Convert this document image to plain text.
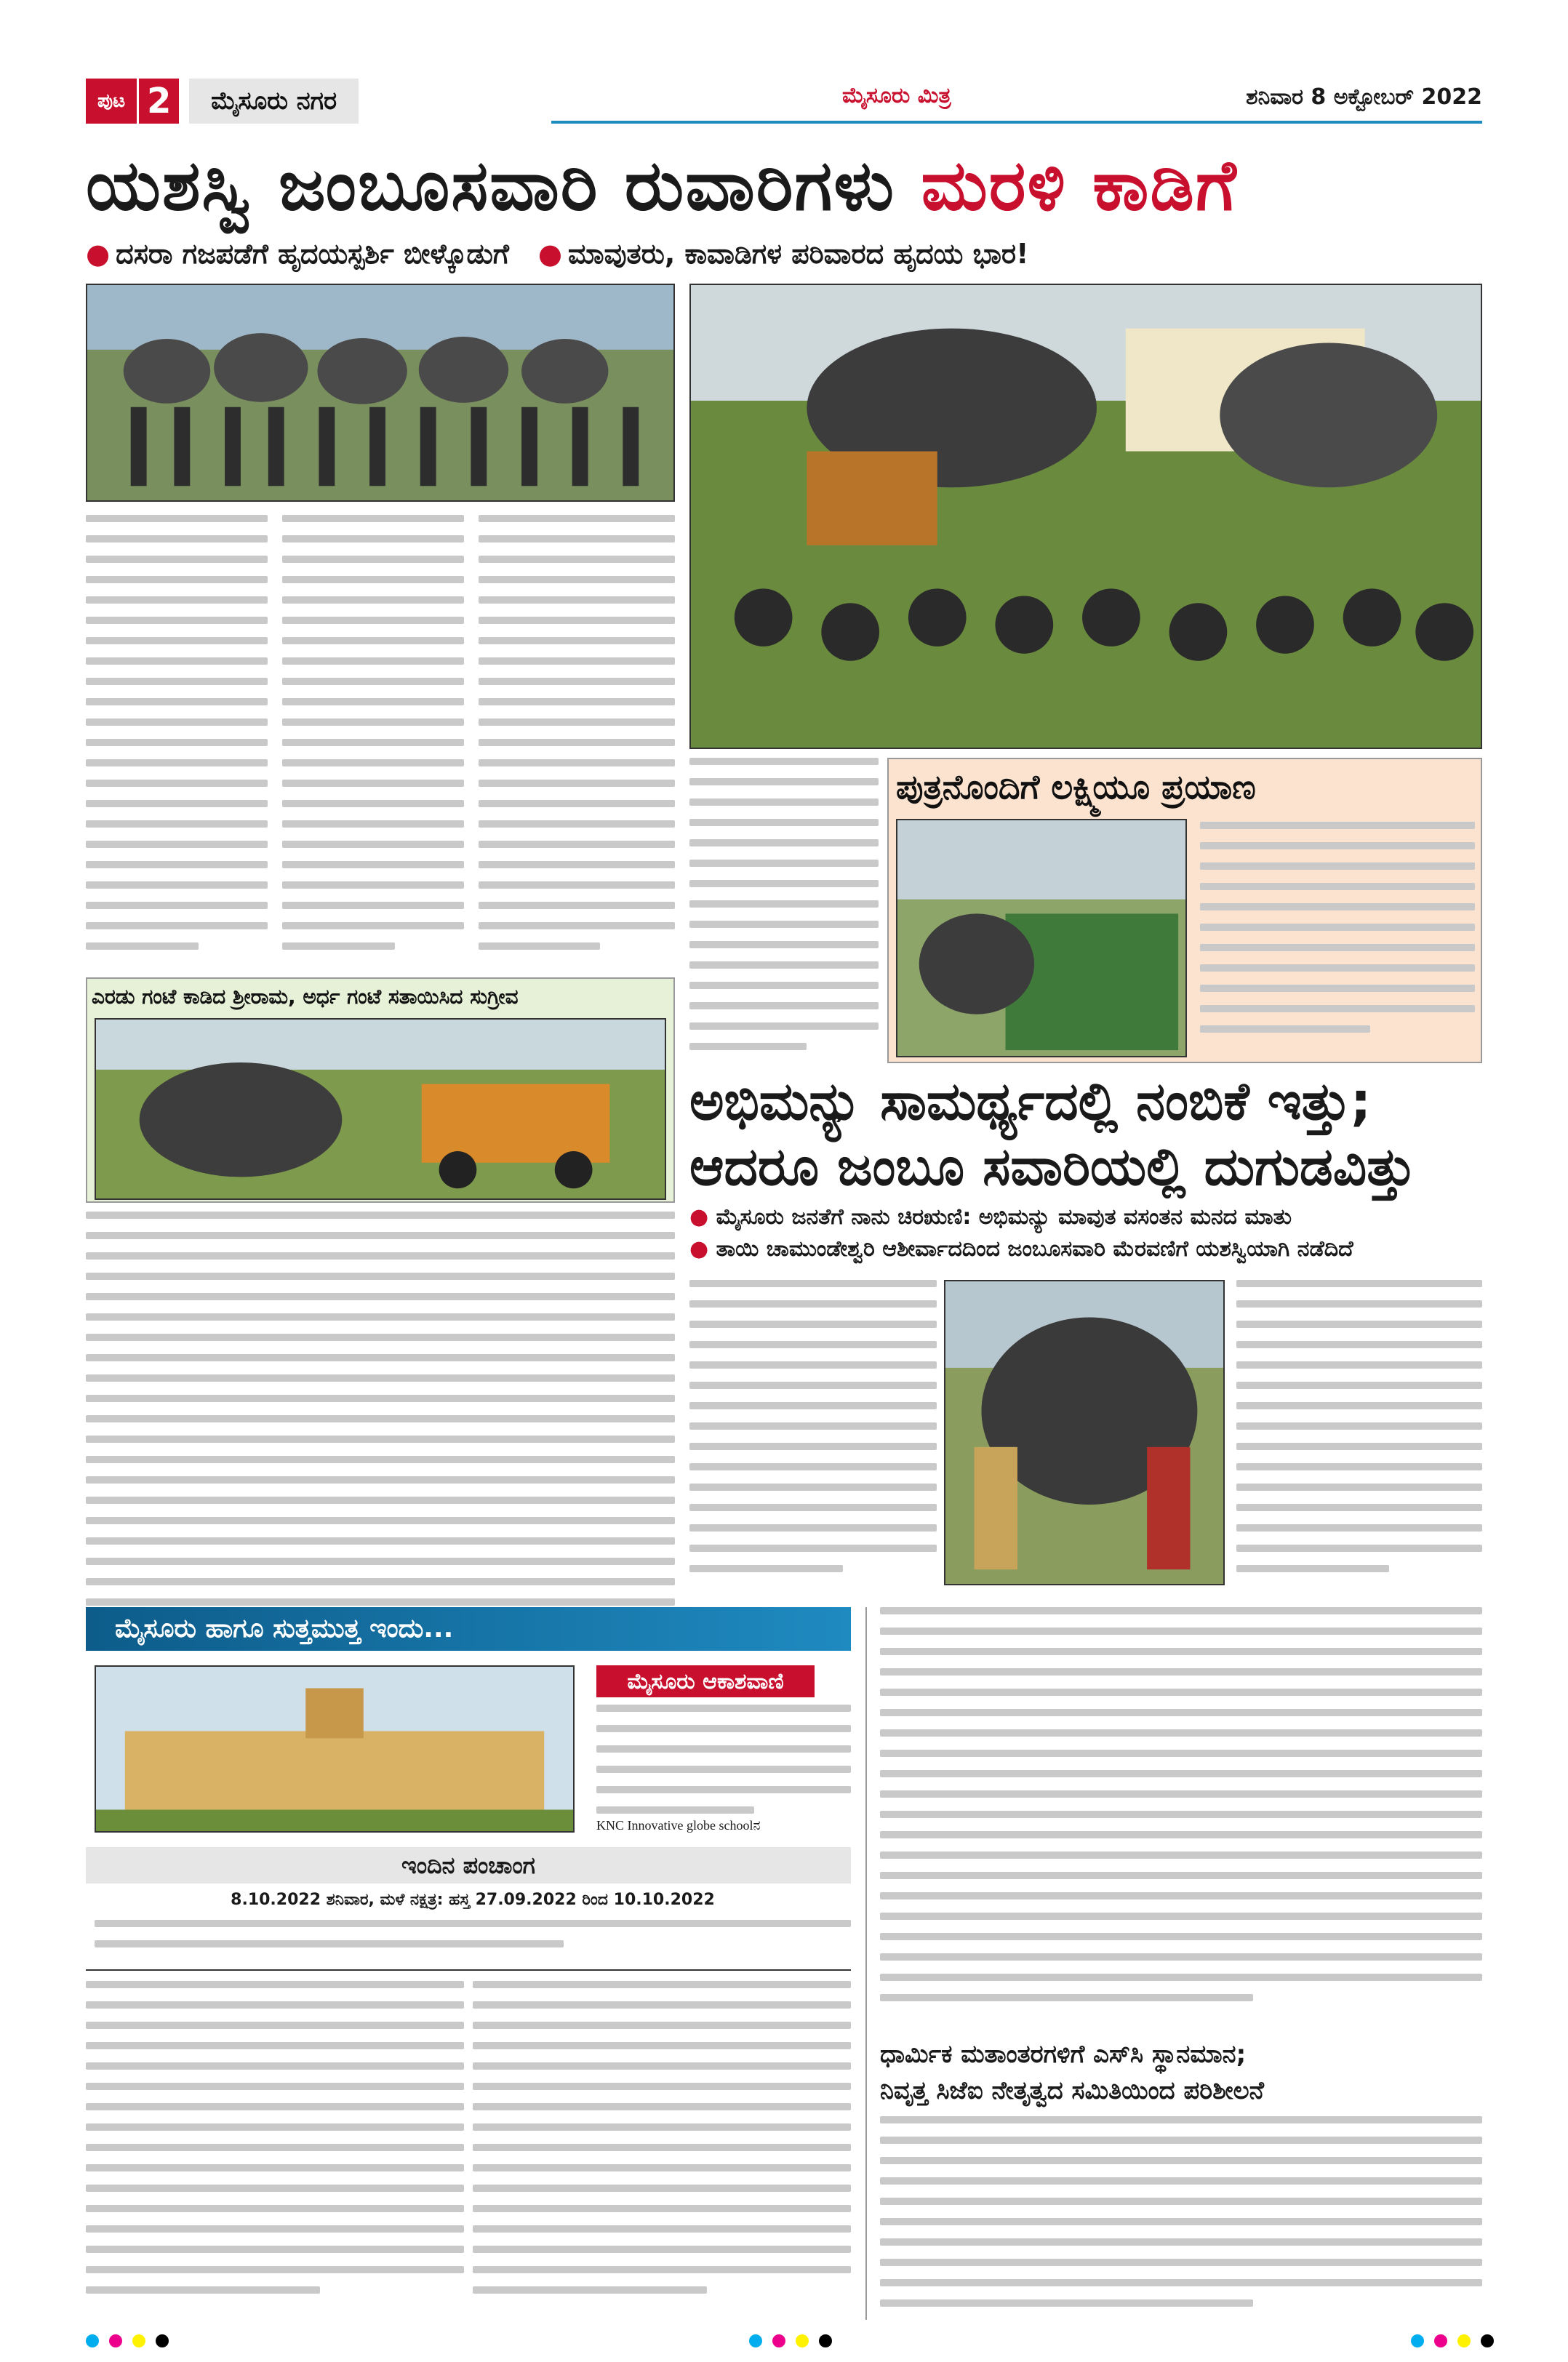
ಪುಟ 2	ಮೈಸೂರು ನಗರ	ಮೈಸೂರು ಮಿತ್ರ	ಶನಿವಾರ 8 ಅಕ್ಟೋಬರ್ 2022
ಯಶಸ್ವಿ ಜಂಬೂಸವಾರಿ ರುವಾರಿಗಳು ಮರಳಿ ಕಾಡಿಗೆ
● ದಸರಾ ಗಜಪಡೆಗೆ ಹೃದಯಸ್ಪರ್ಶಿ ಬೀಳ್ಕೊಡುಗೆ ● ಮಾವುತರು, ಕಾವಾಡಿಗಳ ಪರಿವಾರದ ಹೃದಯ ಭಾರ!
ಪುತ್ರನೊಂದಿಗೆ ಲಕ್ಷ್ಮಿಯೂ ಪ್ರಯಾಣ
ಎರಡು ಗಂಟೆ ಕಾಡಿದ ಶ್ರೀರಾಮ, ಅರ್ಧ ಗಂಟೆ ಸತಾಯಿಸಿದ ಸುಗ್ರೀವ
ಅಭಿಮನ್ಯು ಸಾಮರ್ಥ್ಯದಲ್ಲಿ ನಂಬಿಕೆ ಇತ್ತು;
ಆದರೂ ಜಂಬೂ ಸವಾರಿಯಲ್ಲಿ ದುಗುಡವಿತ್ತು
● ಮೈಸೂರು ಜನತೆಗೆ ನಾನು ಚಿರಋಣಿ: ಅಭಿಮನ್ಯು ಮಾವುತ ವಸಂತನ ಮನದ ಮಾತು
● ತಾಯಿ ಚಾಮುಂಡೇಶ್ವರಿ ಆಶೀರ್ವಾದದಿಂದ ಜಂಬೂಸವಾರಿ ಮೆರವಣಿಗೆ ಯಶಸ್ವಿಯಾಗಿ ನಡೆದಿದೆ
ಮೈಸೂರು ಹಾಗೂ ಸುತ್ತಮುತ್ತ ಇಂದು...
ಮೈಸೂರು ಆಕಾಶವಾಣಿ
ಇಂದಿನ ಪಂಚಾಂಗ
8.10.2022 ಶನಿವಾರ, ಮಳೆ ನಕ್ಷತ್ರ: ಹಸ್ತ 27.09.2022 ರಿಂದ 10.10.2022
ಧಾರ್ಮಿಕ ಮತಾಂತರಗಳಿಗೆ ಎಸ್‌ಸಿ ಸ್ಥಾನಮಾನ;
ನಿವೃತ್ತ ಸಿಜೆಐ ನೇತೃತ್ವದ ಸಮಿತಿಯಿಂದ ಪರಿಶೀಲನೆ
KNC Innovative globe schoolನ
